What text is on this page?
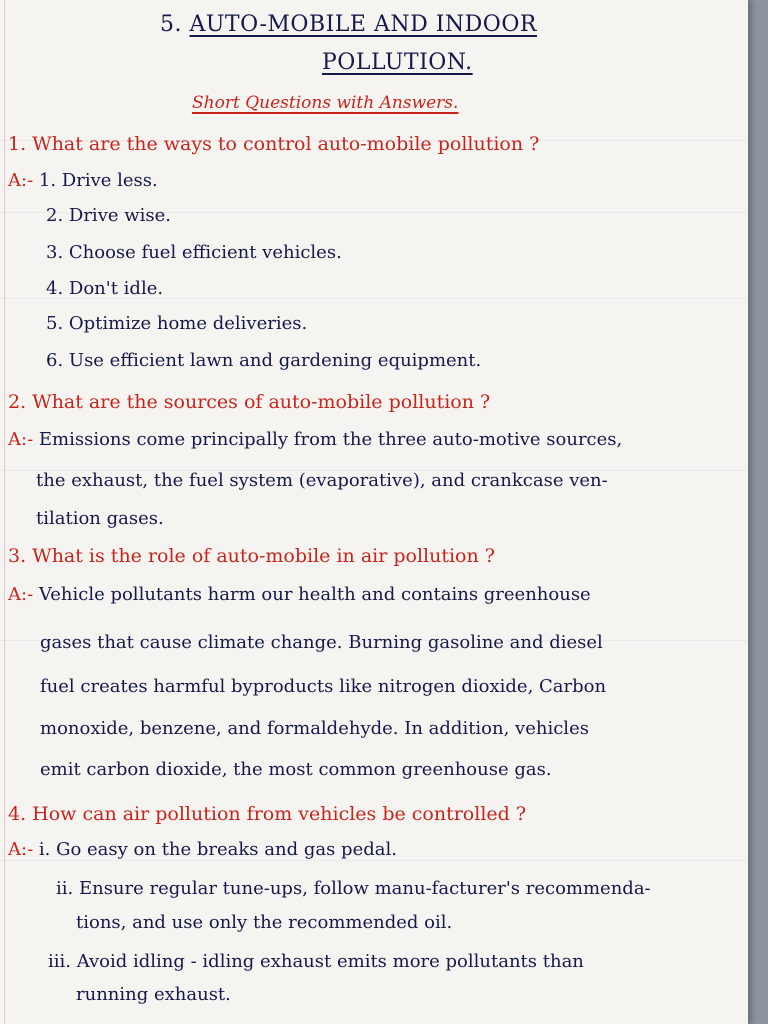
5. AUTO-MOBILE AND INDOOR
POLLUTION.
Short Questions with Answers.
1. What are the ways to control auto-mobile pollution ?
A:- 1. Drive less.
2. Drive wise.
3. Choose fuel efficient vehicles.
4. Don't idle.
5. Optimize home deliveries.
6. Use efficient lawn and gardening equipment.
2. What are the sources of auto-mobile pollution ?
A:- Emissions come principally from the three auto-motive sources,
the exhaust, the fuel system (evaporative), and crankcase ven-
tilation gases.
3. What is the role of auto-mobile in air pollution ?
A:- Vehicle pollutants harm our health and contains greenhouse
gases that cause climate change. Burning gasoline and diesel
fuel creates harmful byproducts like nitrogen dioxide, Carbon
monoxide, benzene, and formaldehyde. In addition, vehicles
emit carbon dioxide, the most common greenhouse gas.
4. How can air pollution from vehicles be controlled ?
A:- i. Go easy on the breaks and gas pedal.
ii. Ensure regular tune-ups, follow manu-facturer's recommenda-
tions, and use only the recommended oil.
iii. Avoid idling - idling exhaust emits more pollutants than
running exhaust.
